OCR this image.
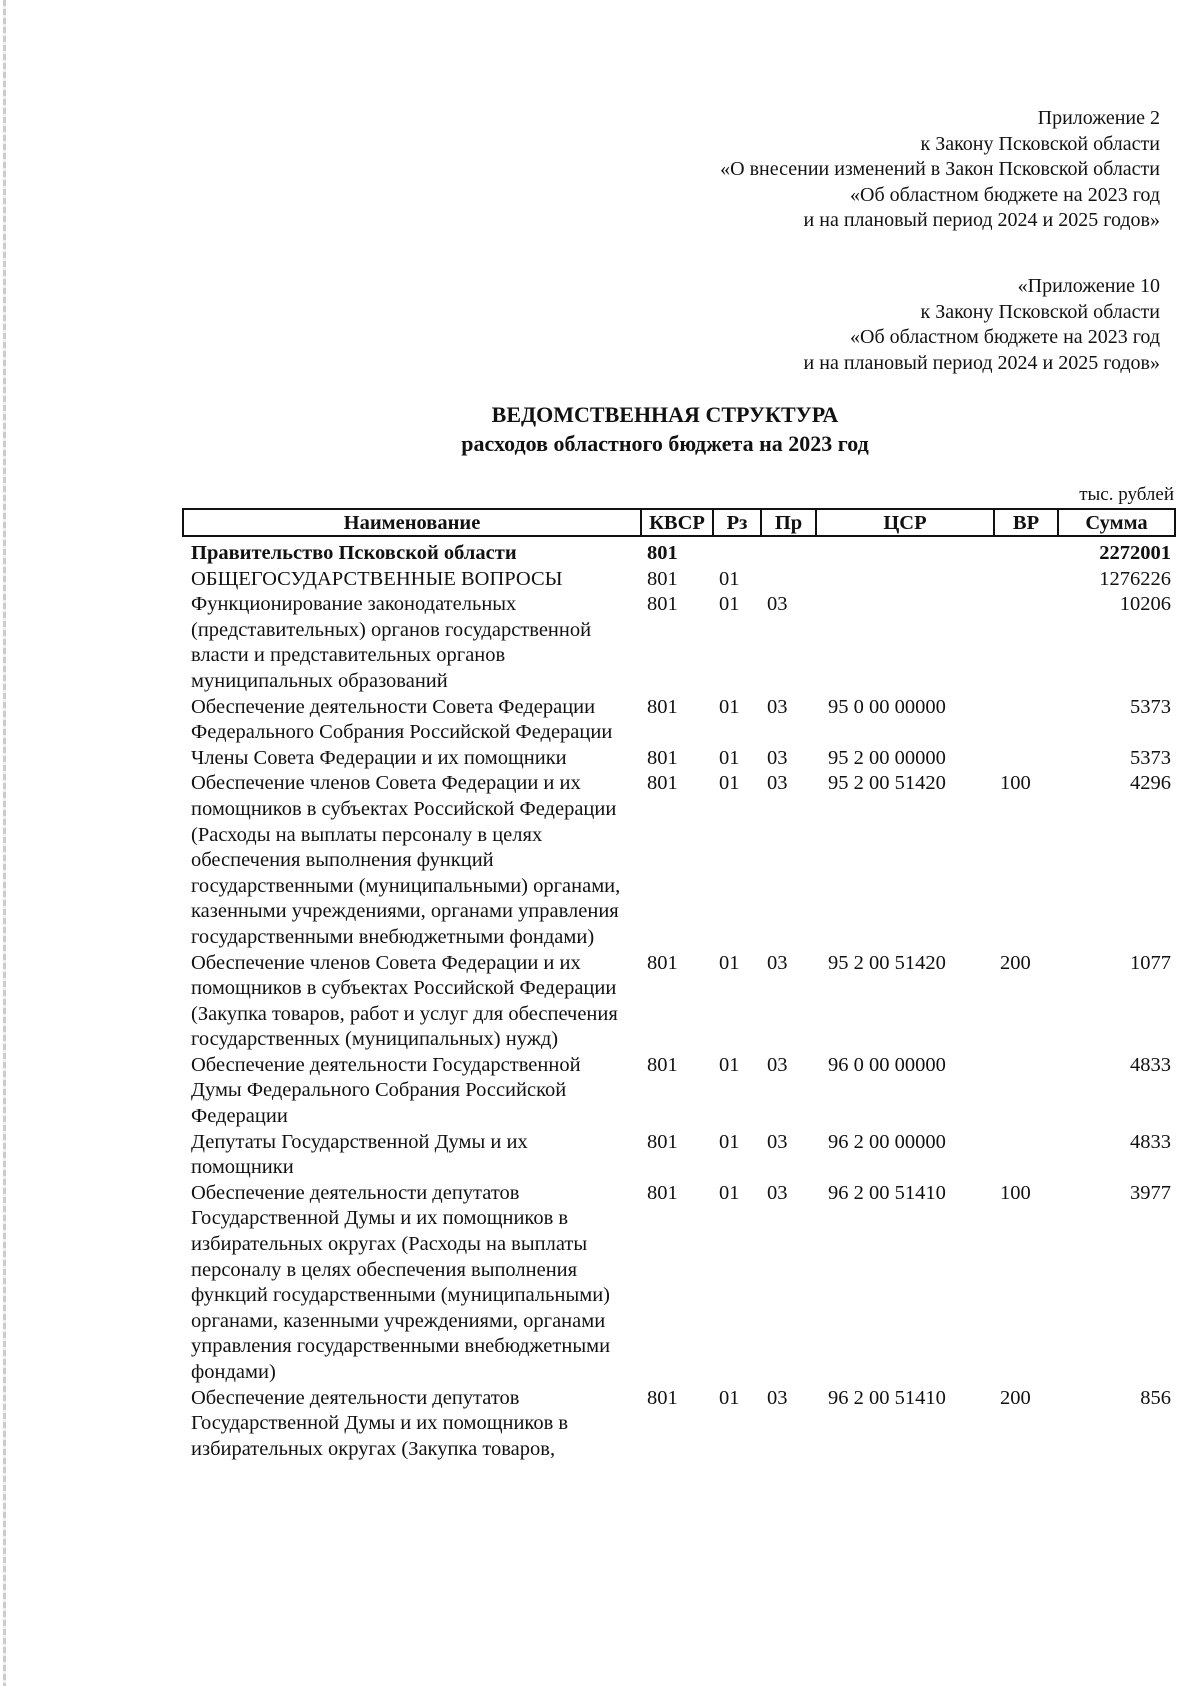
Приложение 2
к Закону Псковской области
«О внесении изменений в Закон Псковской области
«Об областном бюджете на 2023 год
и на плановый период 2024 и 2025 годов»
«Приложение 10
к Закону Псковской области
«Об областном бюджете на 2023 год
и на плановый период 2024 и 2025 годов»
ВЕДОМСТВЕННАЯ СТРУКТУРА
расходов областного бюджета на 2023 год
тыс. рублей
Наименование	КВСР	Рз	Пр	ЦСР	ВР	Сумма
Правительство Псковской области	801					2272001
ОБЩЕГОСУДАРСТВЕННЫЕ ВОПРОСЫ	801	01				1276226
Функционирование законодательных (представительных) органов государственной власти и представительных органов муниципальных образований	801	01	03			10206
Обеспечение деятельности Совета Федерации Федерального Собрания Российской Федерации	801	01	03	95 0 00 00000		5373
Члены Совета Федерации и их помощники	801	01	03	95 2 00 00000		5373
Обеспечение членов Совета Федерации и их помощников в субъектах Российской Федерации (Расходы на выплаты персоналу в целях обеспечения выполнения функций государственными (муниципальными) органами, казенными учреждениями, органами управления государственными внебюджетными фондами)	801	01	03	95 2 00 51420	100	4296
Обеспечение членов Совета Федерации и их помощников в субъектах Российской Федерации (Закупка товаров, работ и услуг для обеспечения государственных (муниципальных) нужд)	801	01	03	95 2 00 51420	200	1077
Обеспечение деятельности Государственной Думы Федерального Собрания Российской Федерации	801	01	03	96 0 00 00000		4833
Депутаты Государственной Думы и их помощники	801	01	03	96 2 00 00000		4833
Обеспечение деятельности депутатов Государственной Думы и их помощников в избирательных округах (Расходы на выплаты персоналу в целях обеспечения выполнения функций государственными (муниципальными) органами, казенными учреждениями, органами управления государственными внебюджетными фондами)	801	01	03	96 2 00 51410	100	3977
Обеспечение деятельности депутатов Государственной Думы и их помощников в избирательных округах (Закупка товаров,	801	01	03	96 2 00 51410	200	856
